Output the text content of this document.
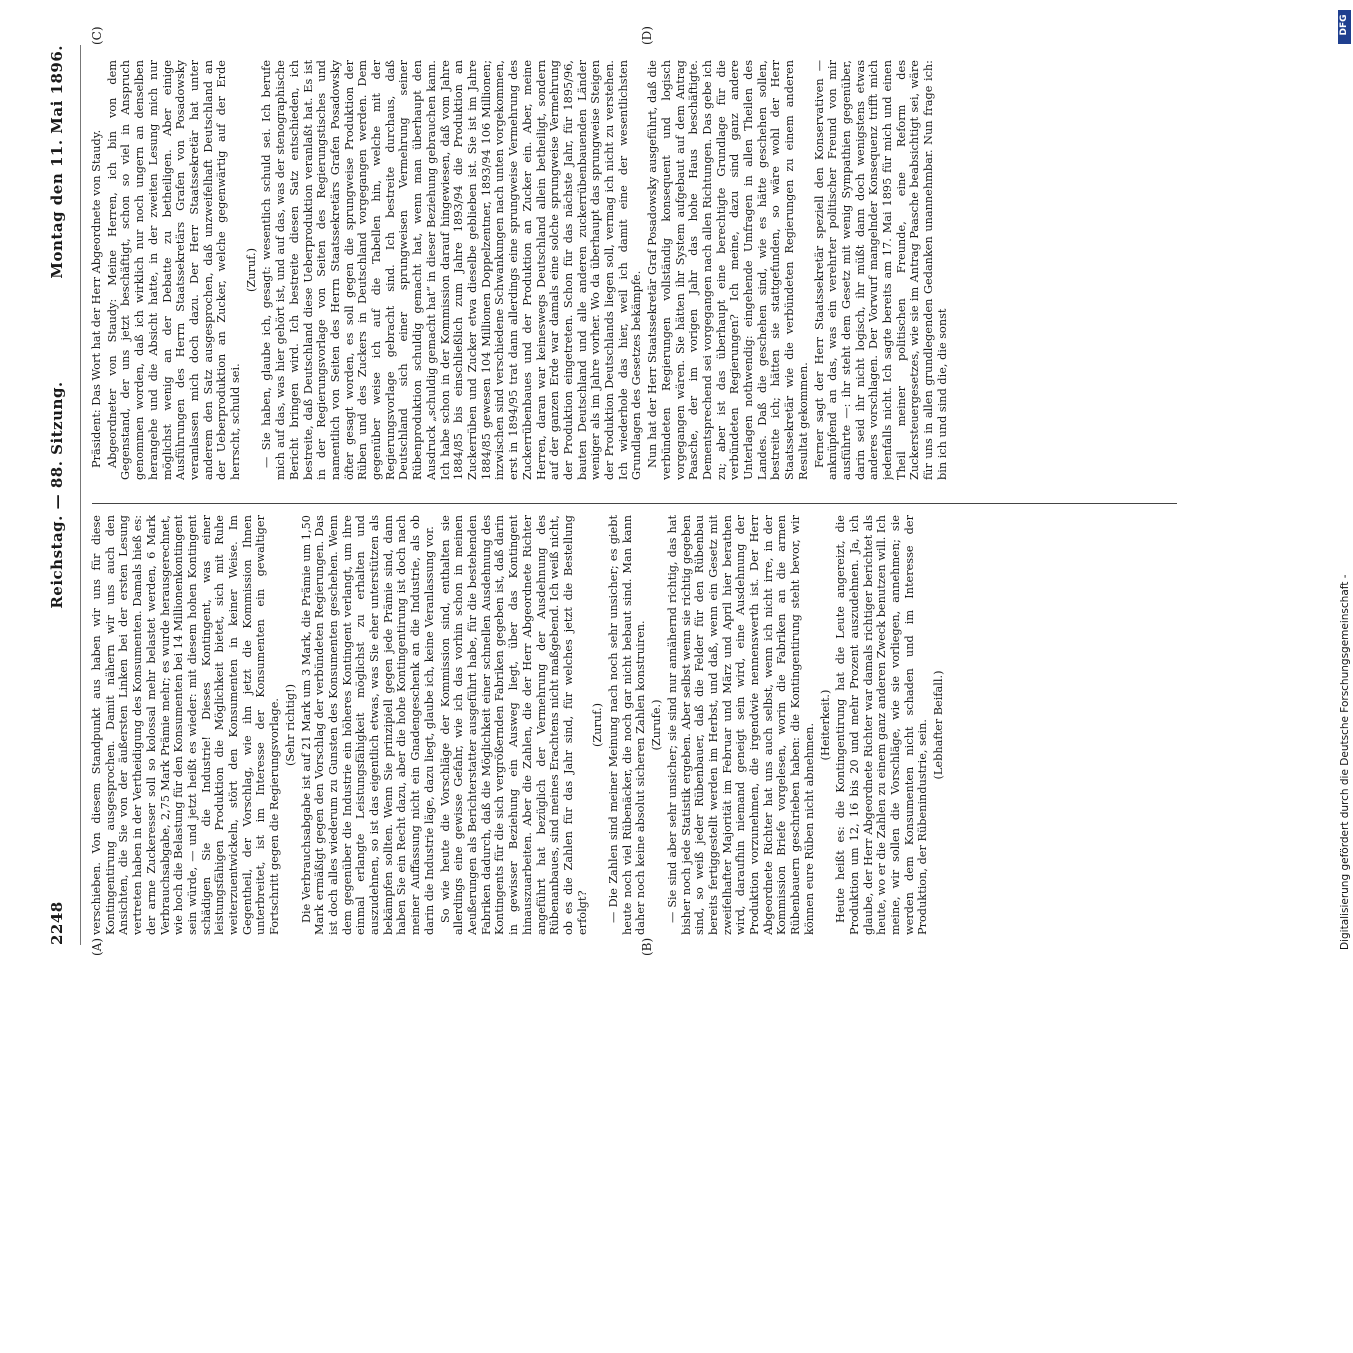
2248
Reichstag. — 88. Sitzung.
Montag den 11. Mai 1896.
(A)	(B)
(C)	(D)

verschieben. Von diesem Standpunkt aus haben wir uns für diese Kontingentirung ausgesprochen. Damit nähern wir uns auch den Ansichten, die Sie von der äußersten Linken bei der ersten Lesung vertreten haben in der Vertheidigung des Konsumenten. Damals hieß es: der arme Zuckeresser soll so kolossal mehr belastet werden, 6 Mark Verbrauchsabgabe, 2,75 Mark Prämie mehr; es wurde herausgerechnet, wie hoch die Belastung für den Konsumenten bei 14 Millionenkontingent sein würde, — und jetzt heißt es wieder: mit diesem hohen Kontingent schädigen Sie die Industrie! Dieses Kontingent, was einer leistungsfähigen Produktion die Möglichkeit bietet, sich mit Ruhe weiterzuentwickeln, stört den Konsumenten in keiner Weise. Im Gegentheil, der Vorschlag, wie ihn jetzt die Kommission Ihnen unterbreitet, ist im Interesse der Konsumenten ein gewaltiger Fortschritt gegen die Regierungsvorlage. (Sehr richtig!) Die Verbrauchsabgabe ist auf 21 Mark um 3 Mark, die Prämie um 1,50 Mark ermäßigt gegen den Vorschlag der verbündeten Regierungen. Das ist doch alles wiederum zu Gunsten des Konsumenten geschehen. Wenn dem gegenüber die Industrie ein höheres Kontingent verlangt, um ihre einmal erlangte Leistungsfähigkeit möglichst zu erhalten und auszudehnen, so ist das eigentlich etwas, was Sie eher unterstützen als bekämpfen sollten. Wenn Sie prinzipiell gegen jede Prämie sind, dann haben Sie ein Recht dazu, aber die hohe Kontingentirung ist doch nach meiner Auffassung nicht ein Gnadengeschenk an die Industrie, als ob darin die Industrie läge, dazu liegt, glaube ich, keine Veranlassung vor. So wie heute die Vorschläge der Kommission sind, enthalten sie allerdings eine gewisse Gefahr, wie ich das vorhin schon in meinen Aeußerungen als Berichterstatter ausgeführt habe, für die bestehenden Fabriken dadurch, daß die Möglichkeit einer schnellen Ausdehnung des Kontingents für die sich vergrößernden Fabriken gegeben ist, daß darin in gewisser Beziehung ein Ausweg liegt, über das Kontingent hinauszuarbeiten. Aber die Zahlen, die der Herr Abgeordnete Richter angeführt hat bezüglich der Vermehrung der Ausdehnung des Rübenanbaues, sind meines Erachtens nicht maßgebend. Ich weiß nicht, ob es die Zahlen für das Jahr sind, für welches jetzt die Bestellung erfolgt?

(Zuruf.) — Die Zahlen sind meiner Meinung nach noch sehr unsicher; es giebt heute noch viel Rübenäcker, die noch gar nicht bebaut sind. Man kann daher noch keine absolut sicheren Zahlen konstruiren. (Zurufe.) — Sie sind aber sehr unsicher; sie sind nur annähernd richtig, das hat bisher noch jede Statistik ergeben. Aber selbst wenn sie richtig gegeben sind, so weiß jeder Rübenbauer, daß die Felder für den Rübenbau bereits fertiggestellt werden im Herbst, und daß, wenn ein Gesetz mit zweifelhafter Majorität im Februar und März und April hier berathen wird, daraufhin niemand geneigt sein wird, eine Ausdehnung der Produktion vorzunehmen, die irgendwie nennenswerth ist. Der Herr Abgeordnete Richter hat uns auch selbst, wenn ich nicht irre, in der Kommission Briefe vorgelesen, worin die Fabriken an die armen Rübenbauern geschrieben haben: die Kontingentirung steht bevor, wir können eure Rüben nicht abnehmen. (Heiterkeit.) Heute heißt es: die Kontingentirung hat die Leute angereizt, die Produktion um 12, 16 bis 20 und mehr Prozent auszudehnen. Ja, ich glaube, der Herr Abgeordnete Richter war damals richtiger berichtet als heute, wo er die Zahlen zu einem ganz anderen Zweck benutzen will. Ich meine, wir sollen die Vorschläge, wie sie vorliegen, annehmen; sie werden dem Konsumenten nicht schaden und im Interesse der Produktion, der Rübenindustrie, sein. (Lebhafter Beifall.)

Präsident: Das Wort hat der Herr Abgeordnete von Staudy. Abgeordneter von Staudy: Meine Herren, ich bin von dem Gegenstand, der uns jetzt beschäftigt, schon so viel in Anspruch genommen worden, daß ich wirklich nur noch ungern an denselben herangehe und die Absicht hatte, in der zweiten Lesung mich nur möglichst wenig an der Debatte zu betheiligen. Aber einige Ausführungen des Herrn Staatssekretärs Grafen von Posadowsky veranlassen mich doch dazu. Der Herr Staatssekretär hat unter anderem den Satz ausgesprochen, daß unzweifelhaft Deutschland an der Ueberproduktion an Zucker, welche gegenwärtig auf der Erde herrscht, schuld sei.

(Zuruf.) — Sie haben, glaube ich, gesagt: wesentlich schuld sei. Ich berufe mich auf das, was hier gehört ist, und auf das, was der stenographische Bericht bringen wird. Ich bestreite diesen Satz entschieden, ich bestreite, daß Deutschland diese Ueberproduktion veranlaßt hat. Es ist in der Regierungsvorlage von Seiten des Regierungstisches und namentlich von Seiten des Herrn Staatssekretärs Grafen Posadowsky öfter gesagt worden, es soll gegen die sprungweise Produktion der Rüben und des Zuckers in Deutschland vorgegangen werden. Dem gegenüber weise ich auf die Tabellen hin, welche mit der Regierungsvorlage gebracht sind. Ich bestreite durchaus, daß Deutschland sich einer sprungweisen Vermehrung seiner Rübenproduktion schuldig gemacht hat, wenn man überhaupt den Ausdruck „schuldig gemacht hat“ in dieser Beziehung gebrauchen kann. Ich habe schon in der Kommission darauf hingewiesen, daß vom Jahre 1884/85 bis einschließlich zum Jahre 1893/94 die Produktion an Zuckerrüben und Zucker etwa dieselbe geblieben ist. Sie ist im Jahre 1884/85 gewesen 104 Millionen Doppelzentner, 1893/94 106 Millionen; inzwischen sind verschiedene Schwankungen nach unten vorgekommen, erst in 1894/95 trat dann allerdings eine sprungweise Vermehrung des Zuckerrübenbaues und der Produktion an Zucker ein. Aber, meine Herren, daran war keineswegs Deutschland allein betheiligt, sondern auf der ganzen Erde war damals eine solche sprungweise Vermehrung der Produktion eingetreten. Schon für das nächste Jahr, für 1895/96, bauten Deutschland und alle anderen zuckerrübenbauenden Länder weniger als im Jahre vorher. Wo da überhaupt das sprungweise Steigen der Produktion Deutschlands liegen soll, vermag ich nicht zu verstehen. Ich wiederhole das hier, weil ich damit eine der wesentlichsten Grundlagen des Gesetzes bekämpfe. Nun hat der Herr Staatssekretär Graf Posadowsky ausgeführt, daß die verbündeten Regierungen vollständig konsequent und logisch vorgegangen wären. Sie hätten ihr System aufgebaut auf dem Antrag Paasche, der im vorigen Jahr das hohe Haus beschäftigte. Dementsprechend sei vorgegangen nach allen Richtungen. Das gebe ich zu; aber ist das überhaupt eine berechtigte Grundlage für die verbündeten Regierungen? Ich meine, dazu sind ganz andere Unterlagen nothwendig: eingehende Umfragen in allen Theilen des Landes. Daß die geschehen sind, wie es hätte geschehen sollen, bestreite ich; hätten sie stattgefunden, so wäre wohl der Herr Staatssekretär wie die verbündeten Regierungen zu einem anderen Resultat gekommen. Ferner sagt der Herr Staatssekretär speziell den Konservativen — anknüpfend an das, was ein verehrter politischer Freund von mir ausführte —: ihr steht dem Gesetz mit wenig Sympathien gegenüber, darin seid ihr nicht logisch, ihr müßt dann doch wenigstens etwas anderes vorschlagen. Der Vorwurf mangelnder Konsequenz trifft mich jedenfalls nicht. Ich sagte bereits am 17. Mai 1895 für mich und einen Theil meiner politischen Freunde, eine Reform des Zuckersteuergesetzes, wie sie im Antrag Paasche beabsichtigt sei, wäre für uns in allen grundlegenden Gedanken unannehmbar. Nun frage ich: bin ich und sind die, die sonst

DFG
Digitalisierung gefördert durch die Deutsche Forschungsgemeinschaft -
